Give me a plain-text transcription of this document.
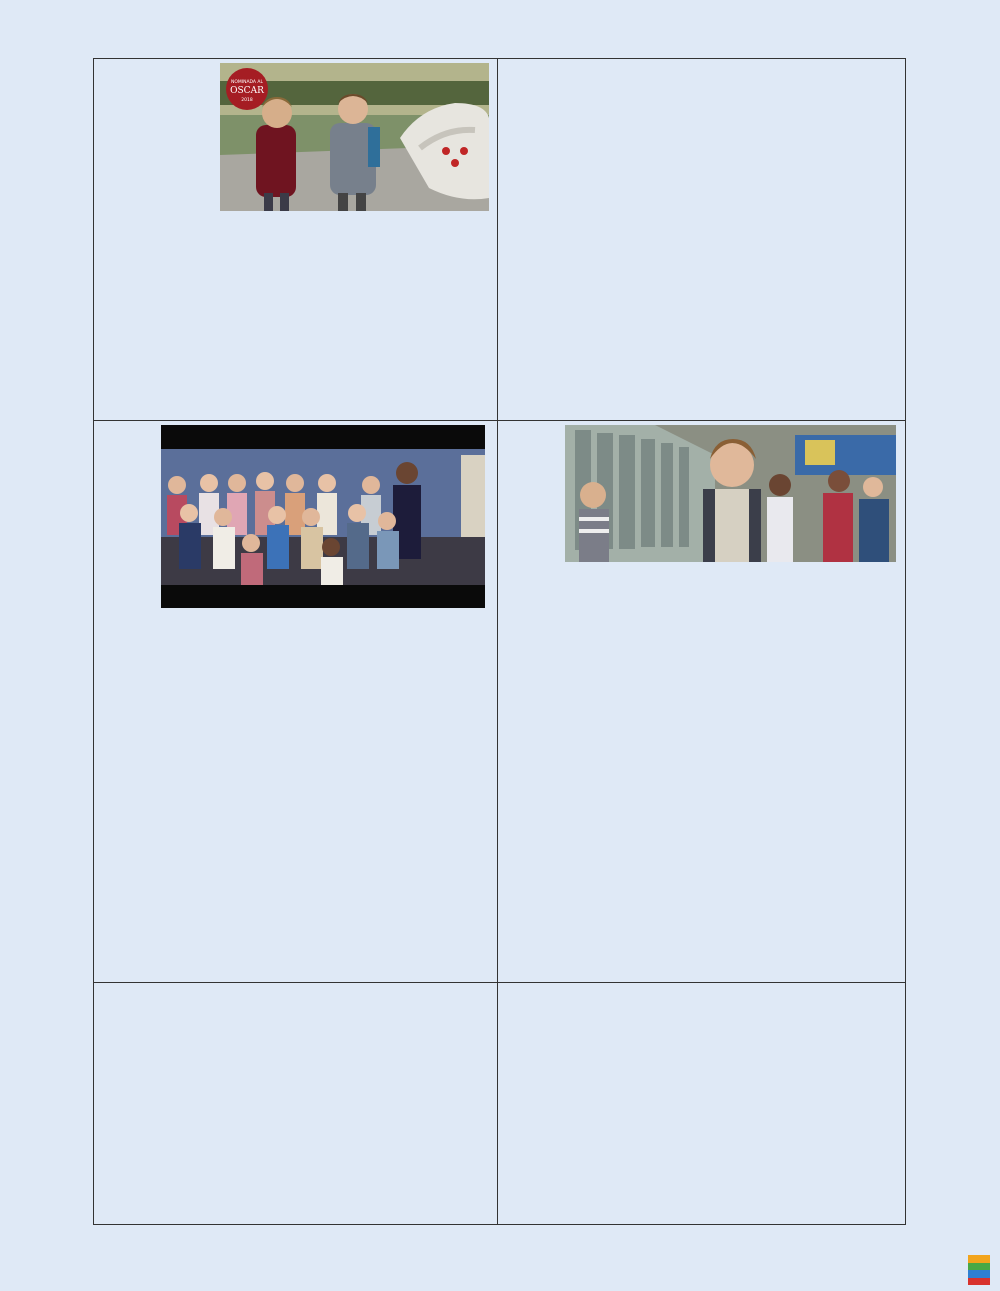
NOMINADA AL
OSCAR
2018	
